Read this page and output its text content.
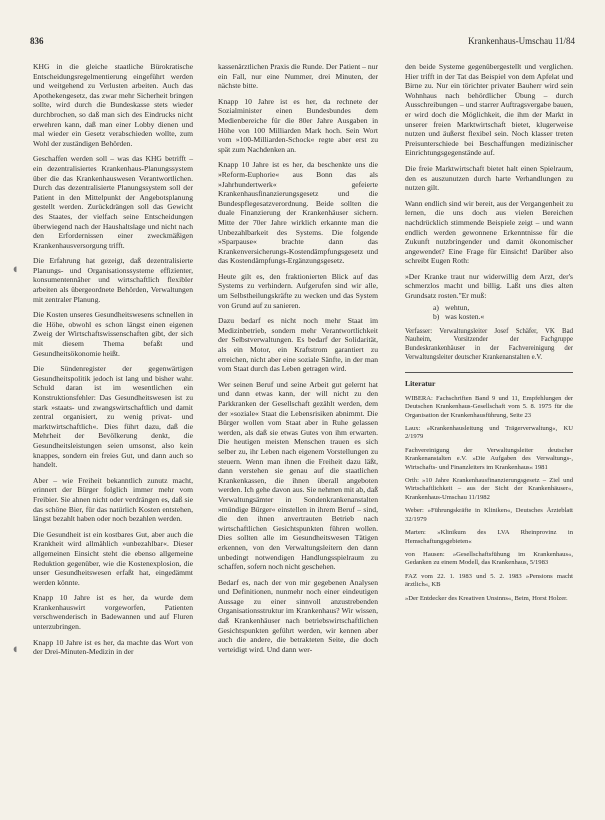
836	Krankenhaus-Umschau 11/84
◖
◖

KHG in die gleiche staatliche Bürokratische Entscheidungsregelmentierung eingeführt werden und weitgehend zu Verlusten arbeiten. Auch das Apothekengesetz, das zwar mehr Sicherheit bringen sollte, wird durch die Bundeskasse stets wieder durchbrochen, so daß man sich des Eindrucks nicht erwehren kann, daß man einer Lobby dienen und mal wieder ein Gesetz verabschieden wollte, zum Wohl der zuständigen Behörden.

Geschaffen werden soll – was das KHG betrifft – ein dezentralisiertes Krankenhaus-Planungssystem über die das Krankenhauswesen Verantwortlichen. Durch das dezentralisierte Planungssystem soll der Patient in den Mittelpunkt der Angebotsplanung gestellt werden. Zurückdrängen soll das Gewicht des Staates, der vielfach seine Entscheidungen überwiegend nach der Haushaltslage und nicht nach den Erfordernissen einer zweckmäßigen Krankenhausversorgung trifft.

Die Erfahrung hat gezeigt, daß dezentralisierte Planungs- und Organisationssysteme effizienter, konsumentennäher und wirtschaftlich flexibler arbeiten als übergeordnete Behörden, Verwaltungen mit zentraler Planung.

Die Kosten unseres Gesundheitswesens schnellen in die Höhe, obwohl es schon längst einen eigenen Zweig der Wirtschaftswissenschaften gibt, der sich mit diesem Thema befaßt und Gesundheitsökonomie heißt.

Die Sündenregister der gegenwärtigen Gesundheitspolitik jedoch ist lang und bisher wahr. Schuld daran ist im wesentlichen ein Konstruktionsfehler: Das Gesundheitswesen ist zu stark »staats- und zwangswirtschaftlich und damit zentral organisiert, zu wenig privat- und marktwirtschaftlich«. Dies führt dazu, daß die Mehrheit der Bevölkerung denkt, die Gesundheitsleistungen seien umsonst, also kein knappes, sondern ein freies Gut, und dann auch so handelt.

Aber – wie Freiheit bekanntlich zunutz macht, erinnert der Bürger folglich immer mehr vom Freibier. Sie ahnen nicht oder verdrängen es, daß sie das schöne Bier, für das natürlich Kosten entstehen, längst bezahlt haben oder noch bezahlen werden.

Die Gesundheit ist ein kostbares Gut, aber auch die Krankheit wird allmählich »unbezahlbar«. Dieser allgemeinen Einsicht steht die ebenso allgemeine Reduktion gegenüber, wie die Kostenexplosion, die unser Gesundheitswesen erfaßt hat, eingedämmt werden könnte.

Knapp 10 Jahre ist es her, da wurde dem Krankenhauswirt vorgeworfen, Patienten verschwenderisch in Badewannen und auf Fluren unterzubringen.

Knapp 10 Jahre ist es her, da machte das Wort von der Drei-Minuten-Medizin in der

kassenärztlichen Praxis die Runde. Der Patient – nur ein Fall, nur eine Nummer, drei Minuten, der nächste bitte.

Knapp 10 Jahre ist es her, da rechnete der Sozialminister einen Bundesbundes dem Medienbereiche für die 80er Jahre Ausgaben in Höhe von 100 Milliarden Mark hoch. Sein Wort vom »100-Milliarden-Schock« regte aber erst zu spät zum Nachdenken an.

Knapp 10 Jahre ist es her, da beschenkte uns die »Reform-Euphorie« aus Bonn das als »Jahrhundertwerk« gefeierte Krankenhausfinanzierungsgesetz und die Bundespflegesatzverordnung. Beide sollten die duale Finanzierung der Krankenhäuser sichern. Mitte der 70er Jahre wirklich erkannte man die Unbezahlbarkeit des Systems. Die folgende »Sparpause« brachte dann das Krankenversicherungs-Kostendämpfungsgesetz und das Kostendämpfungs-Ergänzungsgesetz.

Heute gilt es, den fraktionierten Blick auf das Systems zu verhindern. Aufgerufen sind wir alle, um Selbstheilungskräfte zu wecken und das System von Grund auf zu sanieren.

Dazu bedarf es nicht noch mehr Staat im Medizinbetrieb, sondern mehr Verantwortlichkeit der Selbstverwaltungen. Es bedarf der Solidarität, als ein Motor, ein Kraftstrom garantiert zu erreichen, nicht aber eine soziale Sänfte, in der man vom Staat durch das Leben getragen wird.

Wer seinen Beruf und seine Arbeit gut gelernt hat und dann etwas kann, der will nicht zu den Parkkranken der Gesellschaft gezählt werden, dem der »soziale« Staat die Lebensrisiken abnimmt. Die Bürger wollen vom Staat aber in Ruhe gelassen werden, als daß sie etwas Gutes von ihm erwarten. Die heutigen meisten Menschen trauen es sich selber zu, ihr Leben nach eigenem Vorstellungen zu steuern. Wenn man ihnen die Freiheit dazu läßt, dann verstehen sie genau auf die staatlichen Krankenkassen, die ihnen überall angeboten werden. Ich gehe davon aus. Sie nehmen mit ab, daß Verwaltungsämter in Sondenkrankenanstalten »mündige Bürger« einstellen in ihrem Beruf – sind, die den ihnen anvertrauten Betrieb nach wirtschaftlichen Gesichtspunkten führen wollen. Dies sollten alle im Gesundheitswesen Tätigen erkennen, von den Verwaltungsleitern den dann unbedingt notwendigen Handlungsspielraum zu schaffen, sofern noch nicht geschehen.

Bedarf es, nach der von mir gegebenen Analysen und Definitionen, nunmehr noch einer eindeutigen Aussage zu einer sinnvoll anzustrebenden Organisationsstruktur im Krankenhaus? Wir wissen, daß Krankenhäuser nach betriebswirtschaftlichen Gesichtspunkten geführt werden, wir kennen aber auch die andere, die betrakteten Seite, die doch verteidigt wird. Und dann wer-

den beide Systeme gegenübergestellt und verglichen. Hier trifft in der Tat das Beispiel von dem Apfelat und Birne zu. Nur ein törichter privater Bauherr wird sein Wohnhaus nach behördlicher Übung – durch Ausschreibungen – und starrer Auftragsvergabe bauen, er wird doch die Möglichkeit, die ihm der Markt in unserer freien Marktwirtschaft bietet, klugerweise nutzen und äußerst flexibel sein. Noch klasser treten Preisunterschiede bei Beschaffungen medizinischer Einrichtungsgegenstände auf.

Die freie Marktwirtschaft bietet halt einen Spielraum, den es auszunutzen durch harte Verhandlungen zu nutzen gilt.

Wann endlich sind wir bereit, aus der Vergangenheit zu lernen, die uns doch aus vielen Bereichen nachdrücklich stimmende Beispiele zeigt – und wann endlich werden gewonnene Erkenntnisse für die Zukunft nutzbringender und damit ökonomischer angewendet? Eine Frage für Einsicht! Darüber also schreibt Eugen Roth:

»Der Kranke traut nur widerwillig dem Arzt, der's schmerzlos macht und billig. Laßt uns dies alten Grundsatz rosten."Er muß:

a) wehtun,
b) was kosten.«

Verfasser: Verwaltungsleiter Josef Schäfer, VK Bad Nauheim, Vorsitzender der Fachgruppe Bundeskrankenhäuser in der Fachvereinigung der Verwaltungsleiter deutscher Krankenanstalten e.V.

Literatur

WIBERA: Fachschriften Band 9 und 11, Empfehlungen der Deutschen Krankenhaus-Gesellschaft vom 5. 8. 1975 für die Organisation der Krankenhausführung, Seite 23

Laux: »Krankenhausleitung und Trägerverwaltung«, KU 2/1979

Fachvereinigung der Verwaltungsleiter deutscher Krankenanstalten e.V. »Die Aufgaben des Verwaltungs-, Wirtschafts- und Finanzleiters im Krankenhaus« 1981

Orth: »10 Jahre Krankenhausfinanzierungsgesetz – Ziel und Wirtschaftlichkeit – aus der Sicht der Krankenhäuser«, Krankenhaus-Umschau 11/1982

Weber: »Führungskräfte in Kliniken«, Deutsches Ärzteblatt 32/1979

Marten: »Klinikum des LVA Rheinprovinz in Hemschaftungsgebieten«

von Hausen: »Gesellschaftsfühung im Krankenhaus«, Gedanken zu einem Modell, das Krankenhaus, 5/1983

FAZ vom 22. 1. 1983 und 5. 2. 1983 »Pensions macht ärztlich«, KB

»Der Entdecker des Kreativen Unsinns«, Beim, Horst Holzer.
